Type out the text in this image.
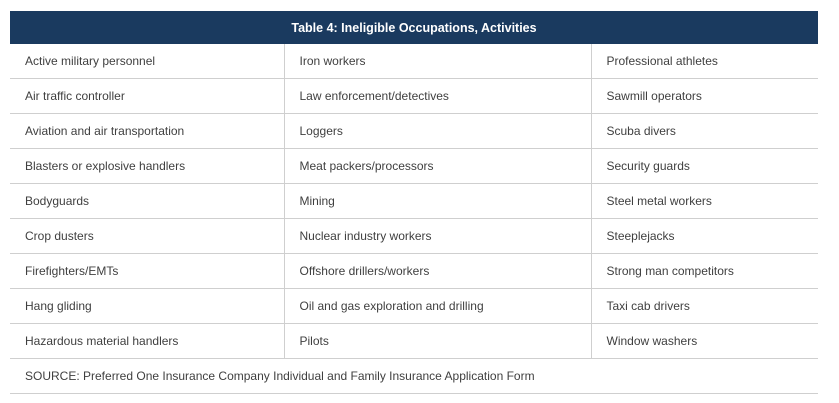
Table 4: Ineligible Occupations, Activities
Active military personnel	Iron workers	Professional athletes
Air traffic controller	Law enforcement/detectives	Sawmill operators
Aviation and air transportation	Loggers	Scuba divers
Blasters or explosive handlers	Meat packers/processors	Security guards
Bodyguards	Mining	Steel metal workers
Crop dusters	Nuclear industry workers	Steeplejacks
Firefighters/EMTs	Offshore drillers/workers	Strong man competitors
Hang gliding	Oil and gas exploration and drilling	Taxi cab drivers
Hazardous material handlers	Pilots	Window washers
SOURCE: Preferred One Insurance Company Individual and Family Insurance Application Form		
